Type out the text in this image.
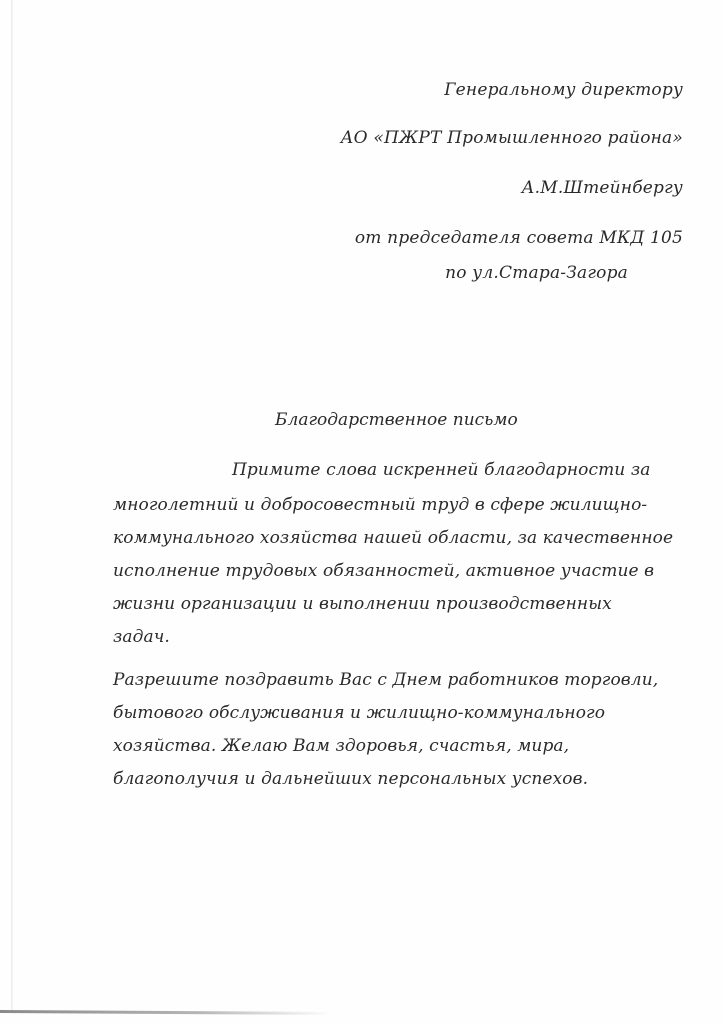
Генеральному директору
АО «ПЖРТ Промышленного района»
А.М.Штейнбергу
от председателя совета МКД 105
по ул.Стара-Загора
Благодарственное письмо
Примите слова искренней благодарности за
многолетний и добросовестный труд в сфере жилищно-
коммунального хозяйства нашей области, за качественное
исполнение трудовых обязанностей, активное участие в
жизни организации и выполнении производственных
задач.
Разрешите поздравить Вас с Днем работников торговли,
бытового обслуживания и жилищно-коммунального
хозяйства. Желаю Вам здоровья, счастья, мира,
благополучия и дальнейших персональных успехов.
